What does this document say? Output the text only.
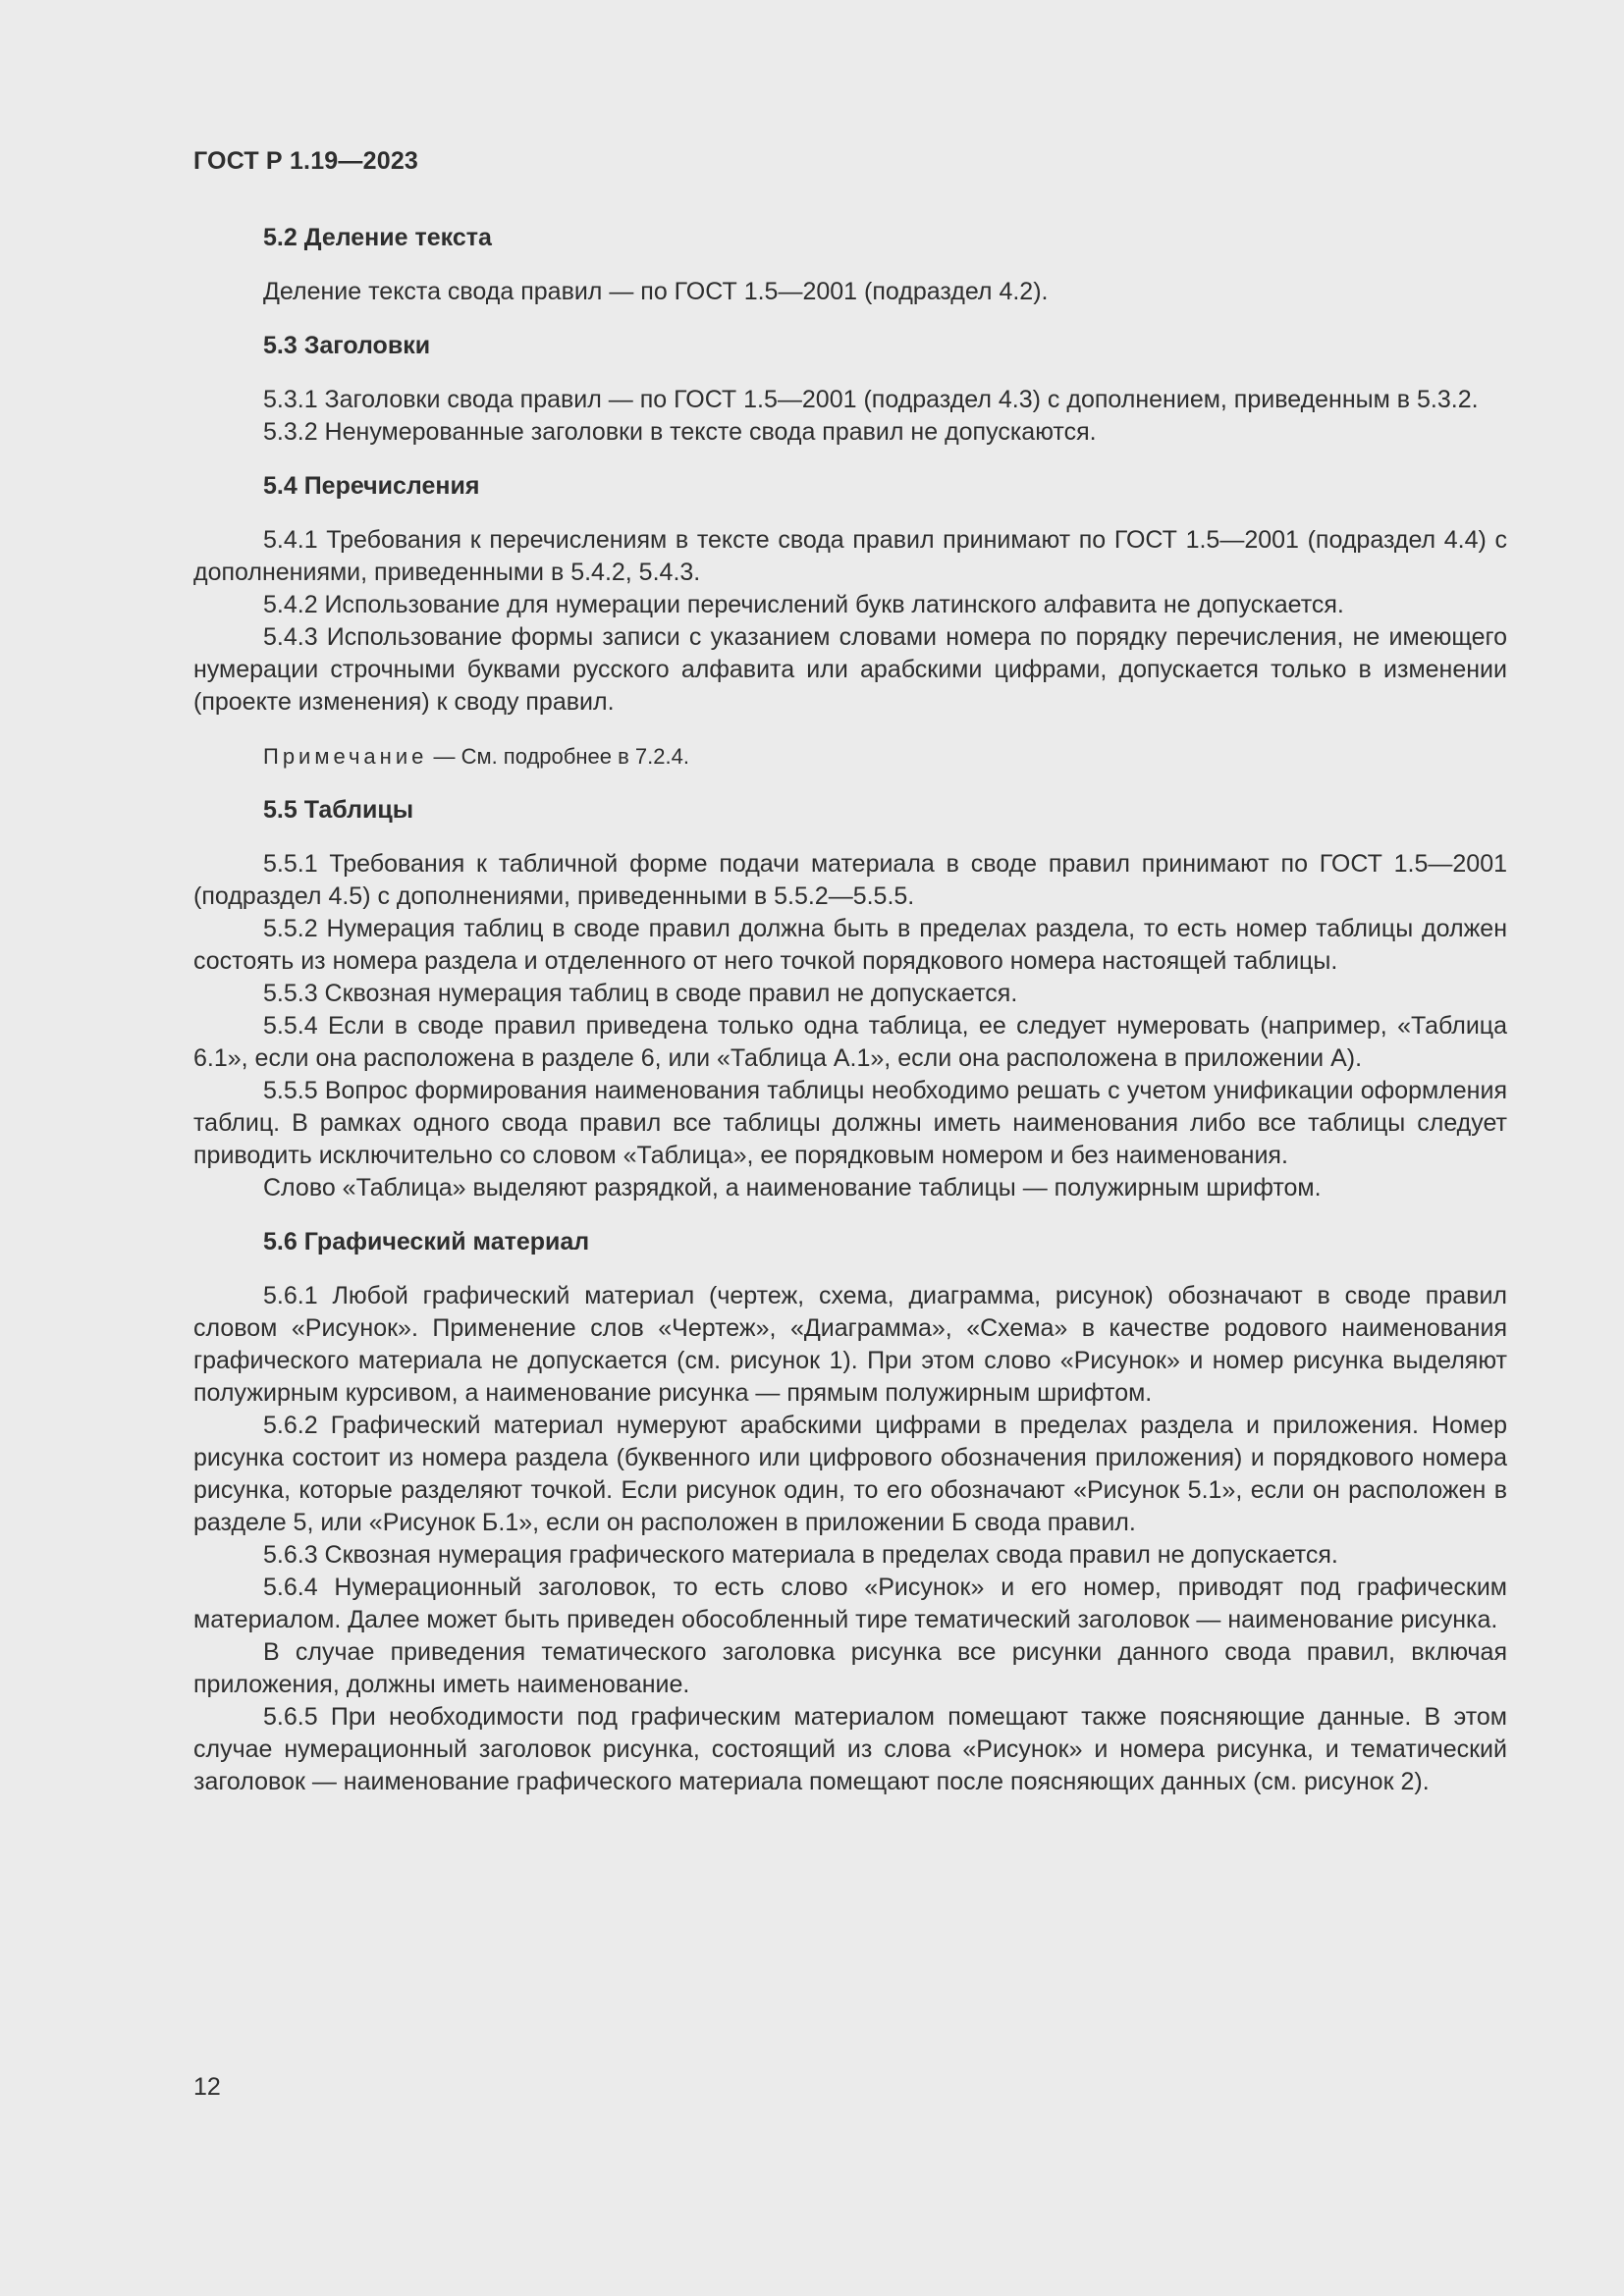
ГОСТ Р 1.19—2023

5.2 Деление текста

Деление текста свода правил — по ГОСТ 1.5—2001 (подраздел 4.2).

5.3 Заголовки

5.3.1 Заголовки свода правил — по ГОСТ 1.5—2001 (подраздел 4.3) с дополнением, приведенным в 5.3.2.

5.3.2 Ненумерованные заголовки в тексте свода правил не допускаются.

5.4 Перечисления

5.4.1 Требования к перечислениям в тексте свода правил принимают по ГОСТ 1.5—2001 (подраздел 4.4) с дополнениями, приведенными в 5.4.2, 5.4.3.

5.4.2 Использование для нумерации перечислений букв латинского алфавита не допускается.

5.4.3 Использование формы записи с указанием словами номера по порядку перечисления, не имеющего нумерации строчными буквами русского алфавита или арабскими цифрами, допускается только в изменении (проекте изменения) к своду правил.

Примечание — См. подробнее в 7.2.4.

5.5 Таблицы

5.5.1 Требования к табличной форме подачи материала в своде правил принимают по ГОСТ 1.5—2001 (подраздел 4.5) с дополнениями, приведенными в 5.5.2—5.5.5.

5.5.2 Нумерация таблиц в своде правил должна быть в пределах раздела, то есть номер таблицы должен состоять из номера раздела и отделенного от него точкой порядкового номера настоящей таблицы.

5.5.3 Сквозная нумерация таблиц в своде правил не допускается.

5.5.4 Если в своде правил приведена только одна таблица, ее следует нумеровать (например, «Таблица 6.1», если она расположена в разделе 6, или «Таблица А.1», если она расположена в приложении А).

5.5.5 Вопрос формирования наименования таблицы необходимо решать с учетом унификации оформления таблиц. В рамках одного свода правил все таблицы должны иметь наименования либо все таблицы следует приводить исключительно со словом «Таблица», ее порядковым номером и без наименования.

Слово «Таблица» выделяют разрядкой, а наименование таблицы — полужирным шрифтом.

5.6 Графический материал

5.6.1 Любой графический материал (чертеж, схема, диаграмма, рисунок) обозначают в своде правил словом «Рисунок». Применение слов «Чертеж», «Диаграмма», «Схема» в качестве родового наименования графического материала не допускается (см. рисунок 1). При этом слово «Рисунок» и номер рисунка выделяют полужирным курсивом, а наименование рисунка — прямым полужирным шрифтом.

5.6.2 Графический материал нумеруют арабскими цифрами в пределах раздела и приложения. Номер рисунка состоит из номера раздела (буквенного или цифрового обозначения приложения) и порядкового номера рисунка, которые разделяют точкой. Если рисунок один, то его обозначают «Рисунок 5.1», если он расположен в разделе 5, или «Рисунок Б.1», если он расположен в приложении Б свода правил.

5.6.3 Сквозная нумерация графического материала в пределах свода правил не допускается.

5.6.4 Нумерационный заголовок, то есть слово «Рисунок» и его номер, приводят под графическим материалом. Далее может быть приведен обособленный тире тематический заголовок — наименование рисунка.

В случае приведения тематического заголовка рисунка все рисунки данного свода правил, включая приложения, должны иметь наименование.

5.6.5 При необходимости под графическим материалом помещают также поясняющие данные. В этом случае нумерационный заголовок рисунка, состоящий из слова «Рисунок» и номера рисунка, и тематический заголовок — наименование графического материала помещают после поясняющих данных (см. рисунок 2).

12
